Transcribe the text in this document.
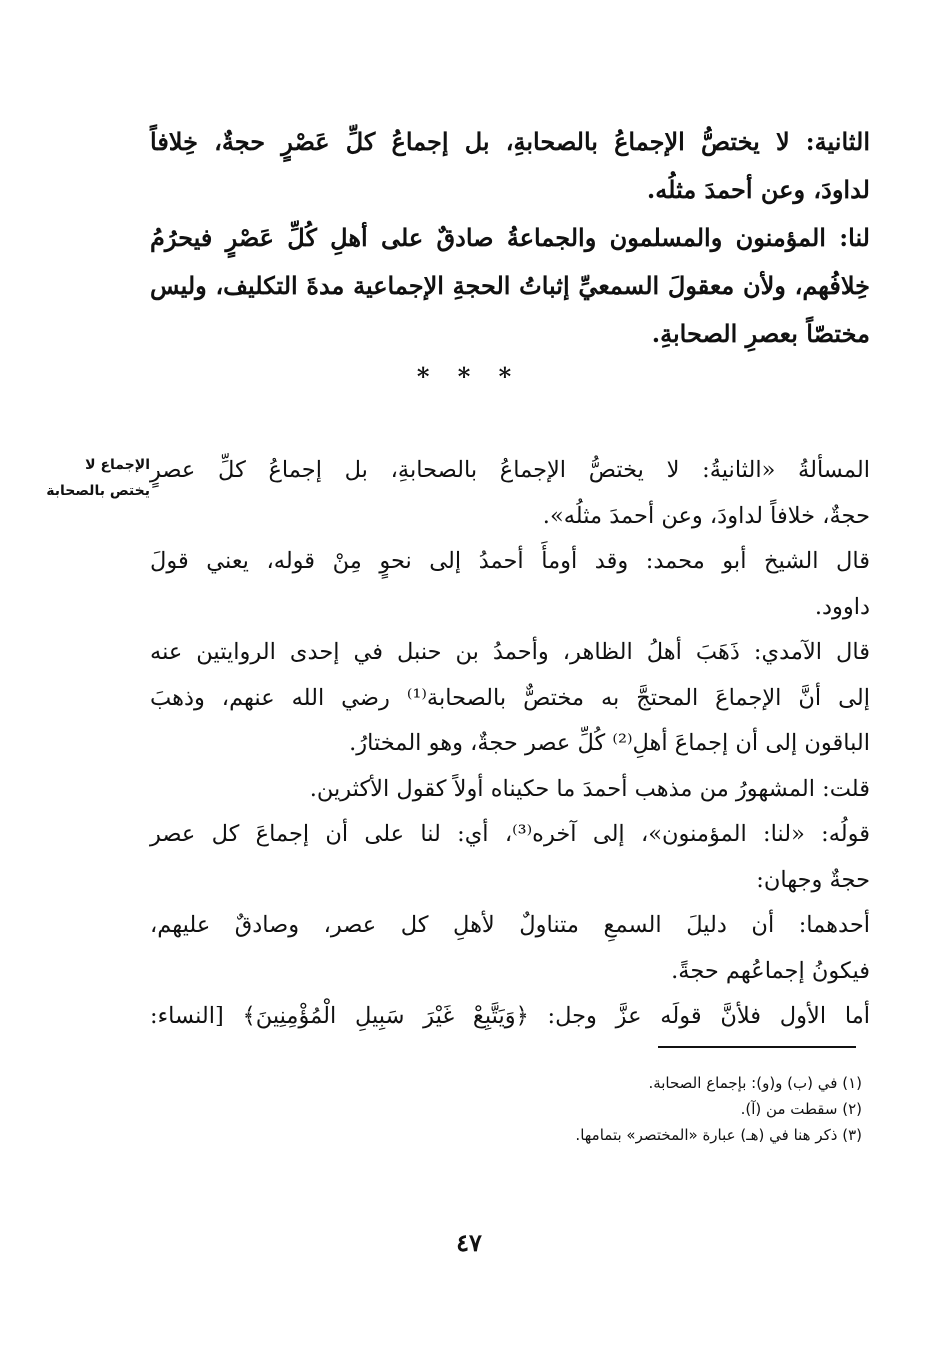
الثانية: لا يختصُّ الإجماعُ بالصحابةِ، بل إجماعُ كلِّ عَصْرٍ حجةٌ، خِلافاً

لداودَ، وعن أحمدَ مثلُه.

لنا: المؤمنون والمسلمون والجماعةُ صادقٌ على أهلِ كُلِّ عَصْرٍ فيحرُمُ

خِلافُهم، ولأن معقولَ السمعيِّ إثباتُ الحجةِ الإجماعية مدةَ التكليف، وليس

مختصّاً بعصرِ الصحابةِ.

* * *
الإجماع لا
يختص بالصحابة

المسألةُ «الثانيةُ: لا يختصُّ الإجماعُ بالصحابةِ، بل إجماعُ كلِّ عصرٍ

حجةٌ، خلافاً لداودَ، وعن أحمدَ مثلُه».

قال الشيخ أبو محمد: وقد أومأَ أحمدُ إلى نحوٍ مِنْ قوله، يعني قولَ

داوود.

قال الآمدي: ذَهَبَ أهلُ الظاهر، وأحمدُ بن حنبل في إحدى الروايتين عنه

إلى أنَّ الإجماعَ المحتجَّ به مختصٌّ بالصحابة⁽¹⁾ رضي الله عنهم، وذهبَ

الباقون إلى أن إجماعَ أهلِ⁽²⁾ كُلِّ عصر حجةٌ، وهو المختارُ.

قلت: المشهورُ من مذهب أحمدَ ما حكيناه أولاً كقول الأكثرين.

قولُه: «لنا: المؤمنون»، إلى آخره⁽³⁾، أي: لنا على أن إجماعَ كل عصر

حجةٌ وجهان:

أحدهما: أن دليلَ السمعِ متناولٌ لأهلِ كل عصر، وصادقٌ عليهم،

فيكونُ إجماعُهم حجةً.

أما الأول فلأنَّ قولَه عزَّ وجل: ﴿وَيَتَّبِعْ غَيْرَ سَبِيلِ الْمُؤْمِنِينَ﴾ [النساء:

(١) في (ب) و(و): بإجماع الصحابة.

(٢) سقطت من (آ).

(٣) ذكر هنا في (هـ) عبارة «المختصر» بتمامها.

٤٧
